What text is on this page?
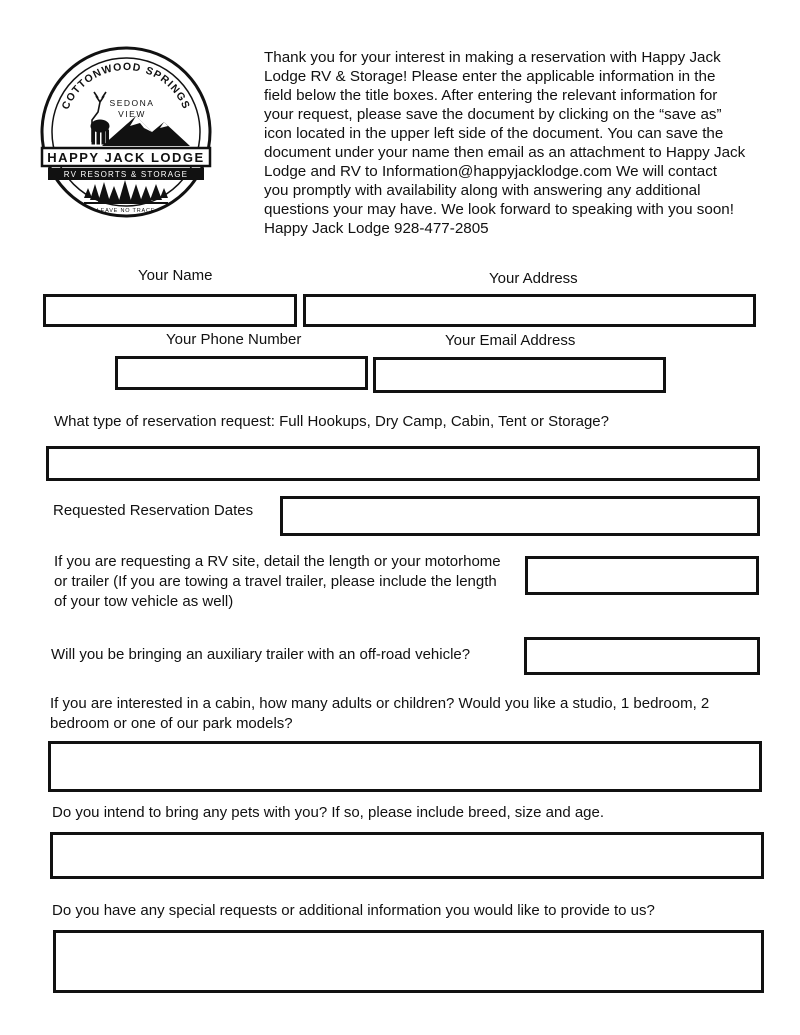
COTTONWOOD SPRINGS
SEDONA
VIEW
HAPPY JACK LODGE
RV RESORTS & STORAGE
LEAVE NO TRACE
Thank you for your interest in making a reservation with Happy Jack
Lodge RV & Storage! Please enter the applicable information in the
field below the title boxes. After entering the relevant information for
your request, please save the document by clicking on the “save as”
icon located in the upper left side of the document. You can save the
document under your name then email as an attachment to Happy Jack
Lodge and RV to Information@happyjacklodge.com We will contact
you promptly with availability along with answering any additional
questions your may have. We look forward to speaking with you soon!
Happy Jack Lodge 928-477-2805
Your Name	Your Address
Your Phone Number	Your Email Address
What type of reservation request: Full Hookups, Dry Camp, Cabin, Tent or Storage?
Requested Reservation Dates
If you are requesting a RV site, detail the length or your motorhome
or trailer (If you are towing a travel trailer, please include the length
of your tow vehicle as well)
Will you be bringing an auxiliary trailer with an off-road vehicle?
If you are interested in a cabin, how many adults or children? Would you like a studio, 1 bedroom, 2
bedroom or one of our park models?
Do you intend to bring any pets with you? If so, please include breed, size and age.
Do you have any special requests or additional information you would like to provide to us?
